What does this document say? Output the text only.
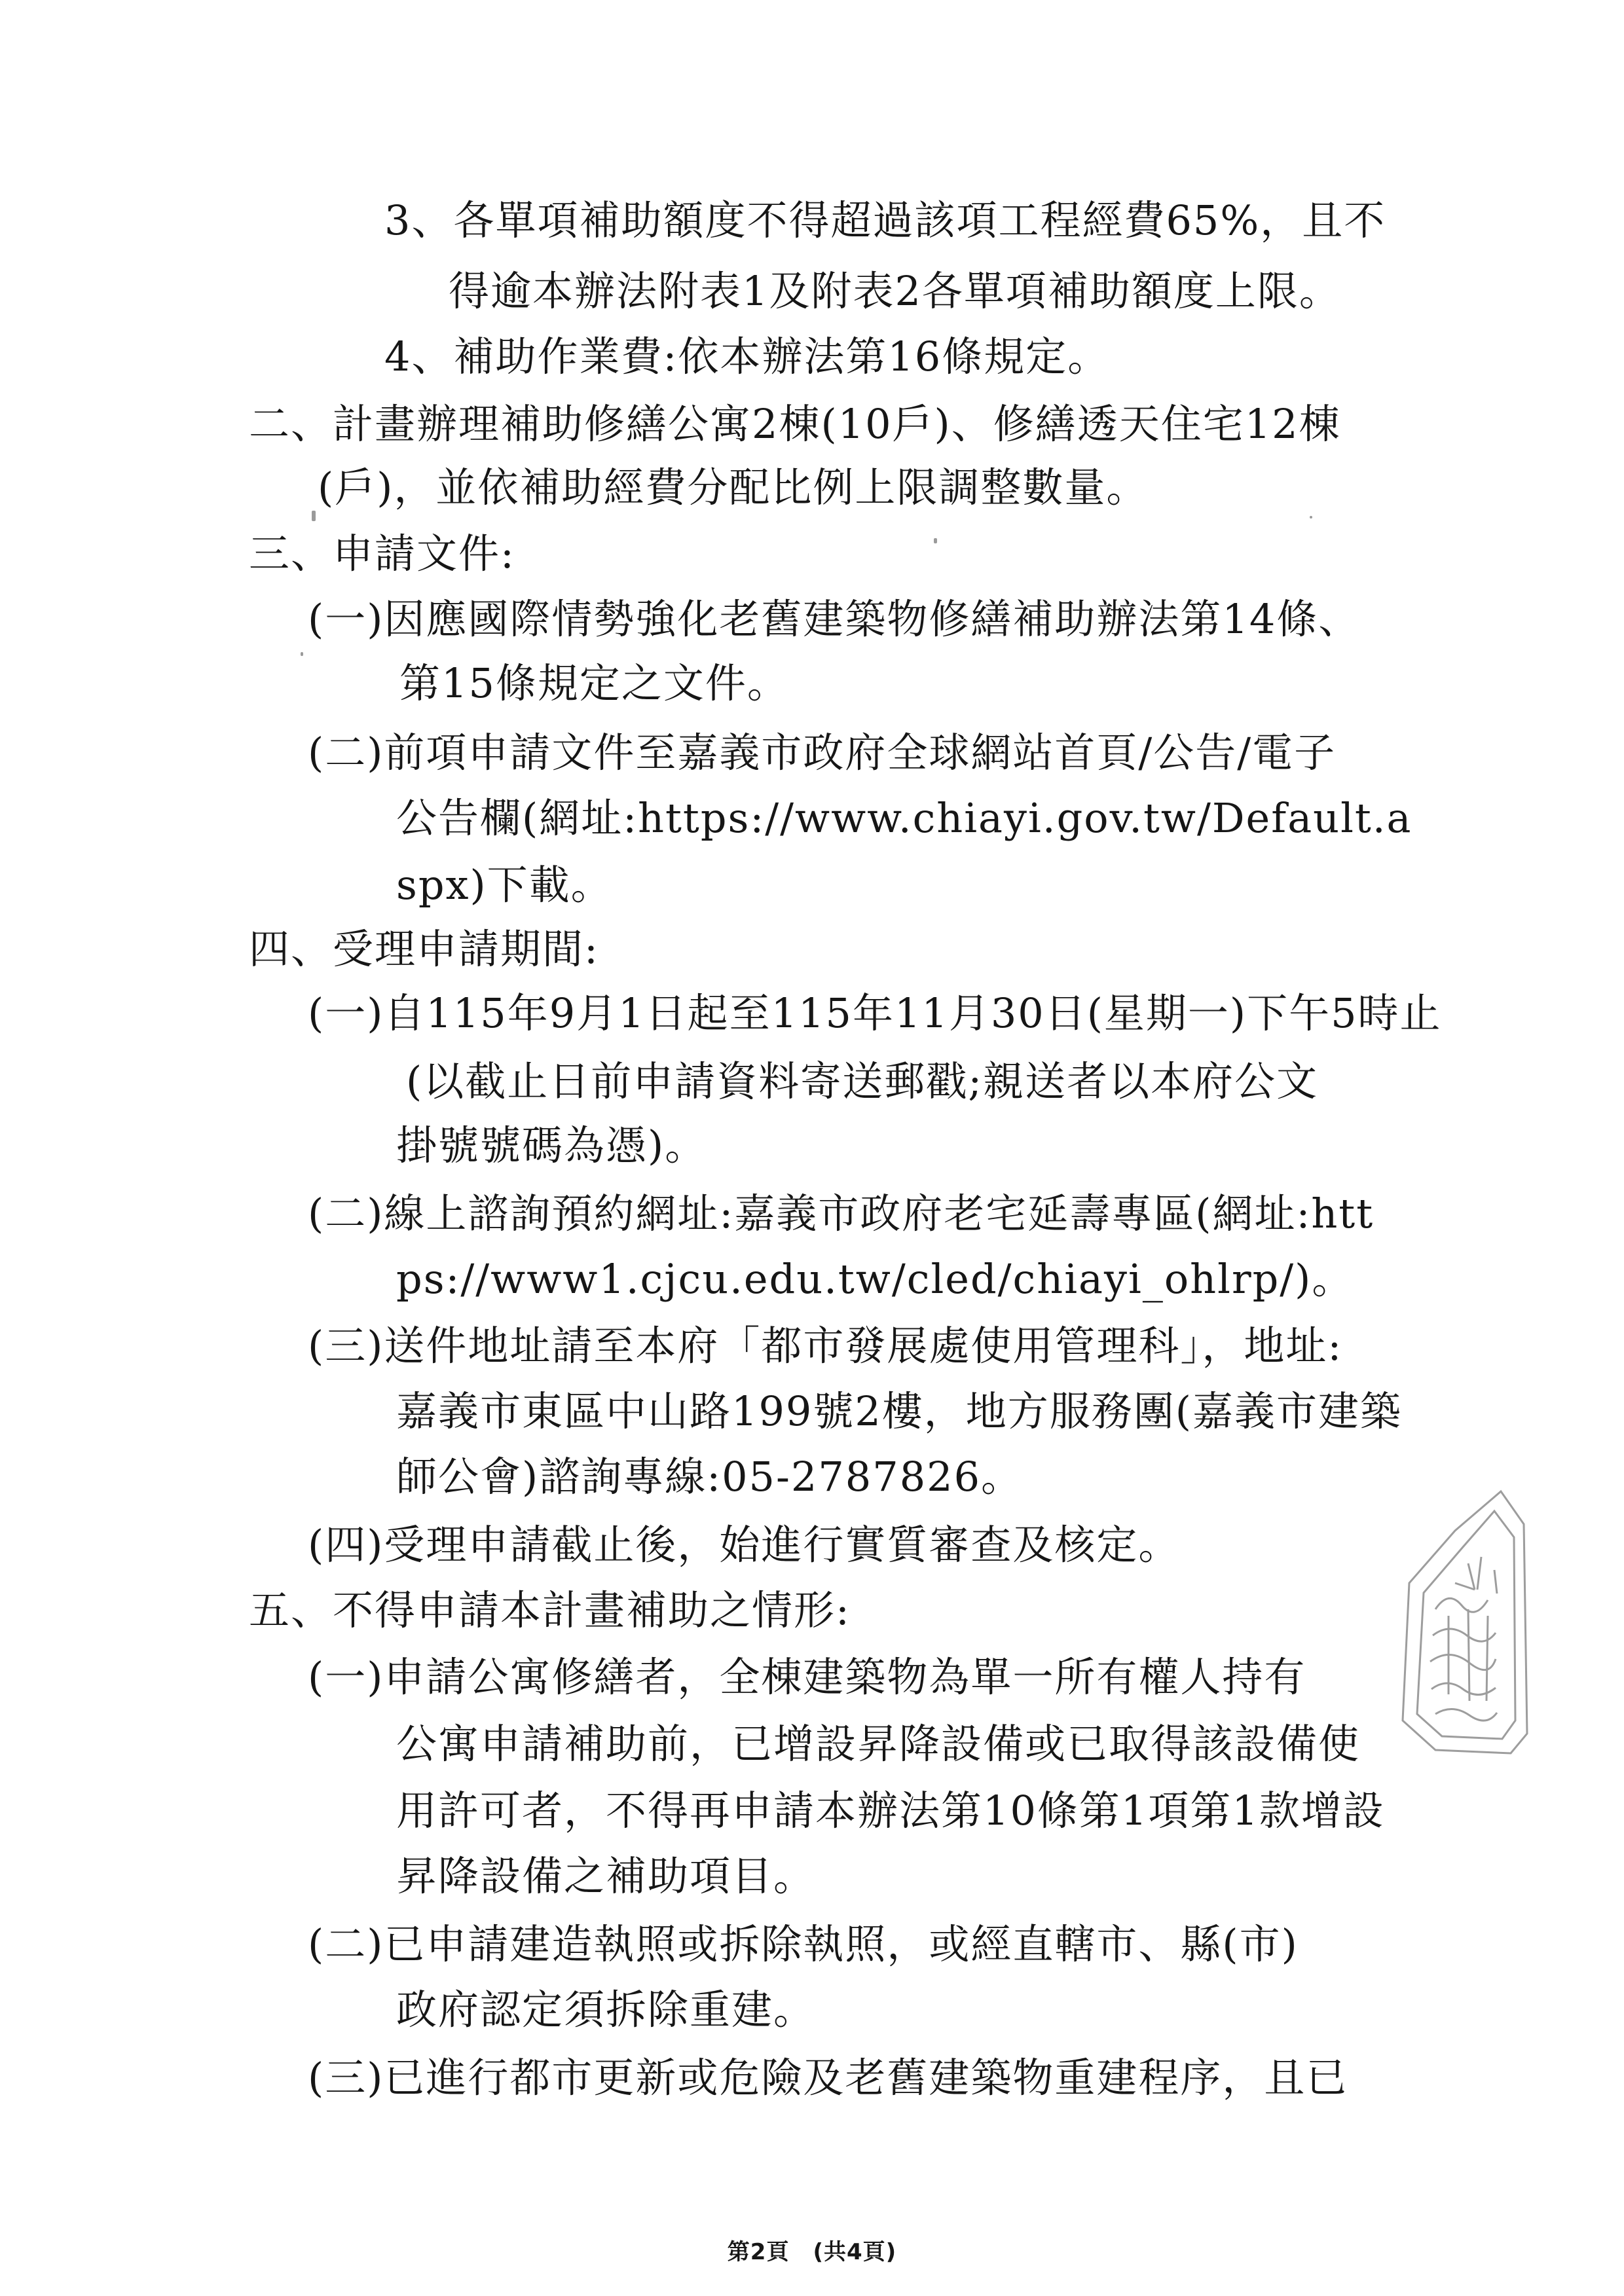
3、各單項補助額度不得超過該項工程經費65%，且不
得逾本辦法附表1及附表2各單項補助額度上限。
4、補助作業費:依本辦法第16條規定。
二、計畫辦理補助修繕公寓2棟(10戶)、修繕透天住宅12棟
(戶)，並依補助經費分配比例上限調整數量。
三、申請文件:
(一)因應國際情勢強化老舊建築物修繕補助辦法第14條、
第15條規定之文件。
(二)前項申請文件至嘉義市政府全球網站首頁/公告/電子
公告欄(網址:https://www.chiayi.gov.tw/Default.a
spx)下載。
四、受理申請期間:
(一)自115年9月1日起至115年11月30日(星期一)下午5時止
(以截止日前申請資料寄送郵戳;親送者以本府公文
掛號號碼為憑)。
(二)線上諮詢預約網址:嘉義市政府老宅延壽專區(網址:htt
ps://www1.cjcu.edu.tw/cled/chiayi_ohlrp/)。
(三)送件地址請至本府「都市發展處使用管理科」，地址:
嘉義市東區中山路199號2樓，地方服務團(嘉義市建築
師公會)諮詢專線:05-2787826。
(四)受理申請截止後，始進行實質審查及核定。
五、不得申請本計畫補助之情形:
(一)申請公寓修繕者，全棟建築物為單一所有權人持有
公寓申請補助前，已增設昇降設備或已取得該設備使
用許可者，不得再申請本辦法第10條第1項第1款增設
昇降設備之補助項目。
(二)已申請建造執照或拆除執照，或經直轄市、縣(市)
政府認定須拆除重建。
(三)已進行都市更新或危險及老舊建築物重建程序，且已
第2頁 (共4頁)
